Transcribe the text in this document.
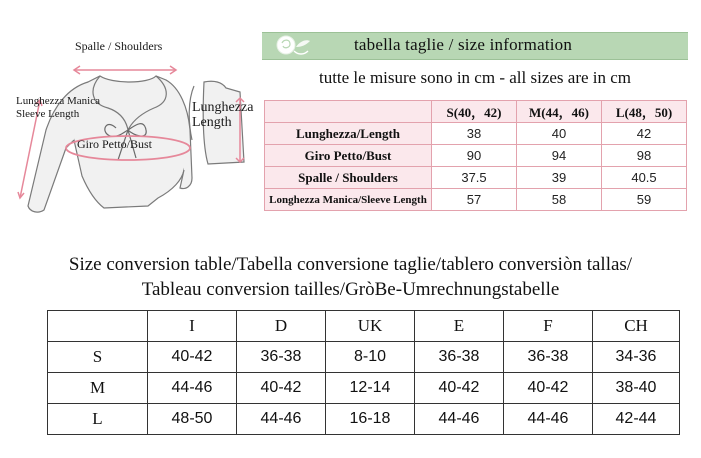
Spalle / Shoulders
Lunghezza Manica
Sleeve Length
Giro Petto/Bust
Lunghezza
Length
tabella taglie / size information
tutte le misure sono in cm - all sizes are in cm
	S(40，42)	M(44，46)	L(48，50)
Lunghezza/Length	38	40	42
Giro Petto/Bust	90	94	98
Spalle / Shoulders	37.5	39	40.5
Longhezza Manica/Sleeve Length	57	58	59
Size conversion table/Tabella conversione taglie/tablero conversiòn tallas/
Tableau conversion tailles/GròBe-Umrechnungstabelle
	I	D	UK	E	F	CH
S	40-42	36-38	8-10	36-38	36-38	34-36
M	44-46	40-42	12-14	40-42	40-42	38-40
L	48-50	44-46	16-18	44-46	44-46	42-44
